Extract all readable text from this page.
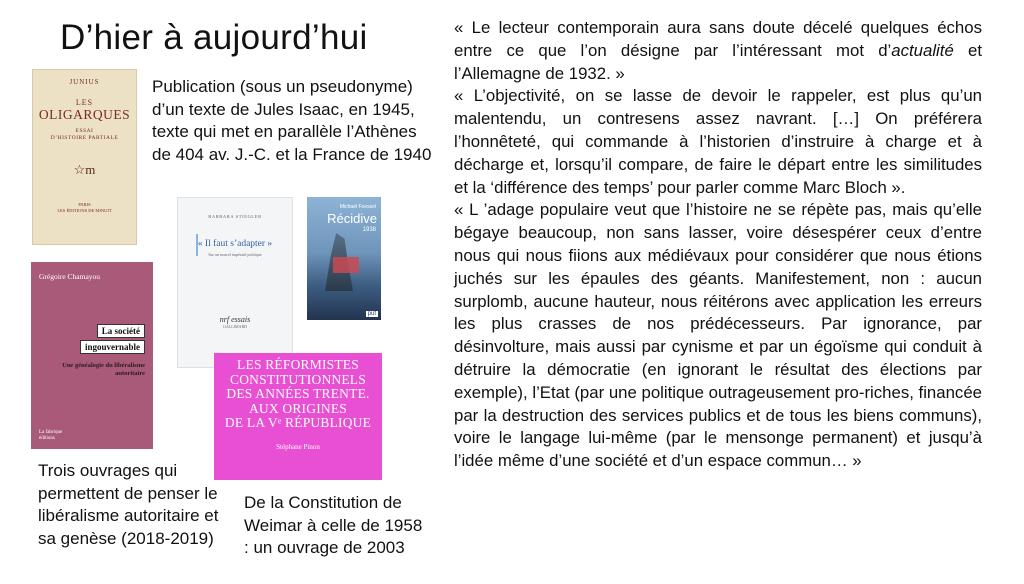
D’hier à aujourd’hui
JUNIUS
LES
OLIGARQUES
ESSAI
D’HISTOIRE PARTIALE
☆m
PARIS
LES ÉDITIONS DE MINUIT
Publication (sous un pseudonyme) d’un texte de Jules Isaac, en 1945, texte qui met en parallèle l’Athènes de 404 av. J.-C. et la France de 1940
BARBARA STIEGLER
« Il faut s’adapter »
Sur un nouvel impératif politique
nrf essais
GALLIMARD
Michaël Foessel
Récidive
1938
puf
Grégoire Chamayou
La société
ingouvernable
Une généalogie du libéralisme autoritaire
La fabrique
éditions
LES RÉFORMISTES
CONSTITUTIONNELS
DES ANNÉES TRENTE.
AUX ORIGINES
DE LA Vᵉ RÉPUBLIQUE
Stéphane Pinon
Trois ouvrages qui permettent de penser le libéralisme autoritaire et sa genèse (2018-2019)
De la Constitution de Weimar à celle de 1958 : un ouvrage de 2003

« Le lecteur contemporain aura sans doute décelé quelques échos entre ce que l’on désigne par l’intéressant mot d’actualité et l’Allemagne de 1932. »

« L’objectivité, on se lasse de devoir le rappeler, est plus qu’un malentendu, un contresens assez navrant. […] On préférera l’honnêteté, qui commande à l’historien d’instruire à charge et à décharge et, lorsqu’il compare, de faire le départ entre les similitudes et la ‘différence des temps’ pour parler comme Marc Bloch ».

« L ’adage populaire veut que l’histoire ne se répète pas, mais qu’elle bégaye beaucoup, non sans lasser, voire désespérer ceux d’entre nous qui nous fiions aux médiévaux pour considérer que nous étions juchés sur les épaules des géants. Manifestement, non : aucun surplomb, aucune hauteur, nous réitérons avec application les erreurs les plus crasses de nos prédécesseurs. Par ignorance, par désinvolture, mais aussi par cynisme et par un égoïsme qui conduit à détruire la démocratie (en ignorant le résultat des élections par exemple), l’Etat (par une politique outrageusement pro-riches, financée par la destruction des services publics et de tous les biens communs), voire le langage lui-même (par le mensonge permanent) et jusqu’à l’idée même d’une société et d’un espace commun… »
